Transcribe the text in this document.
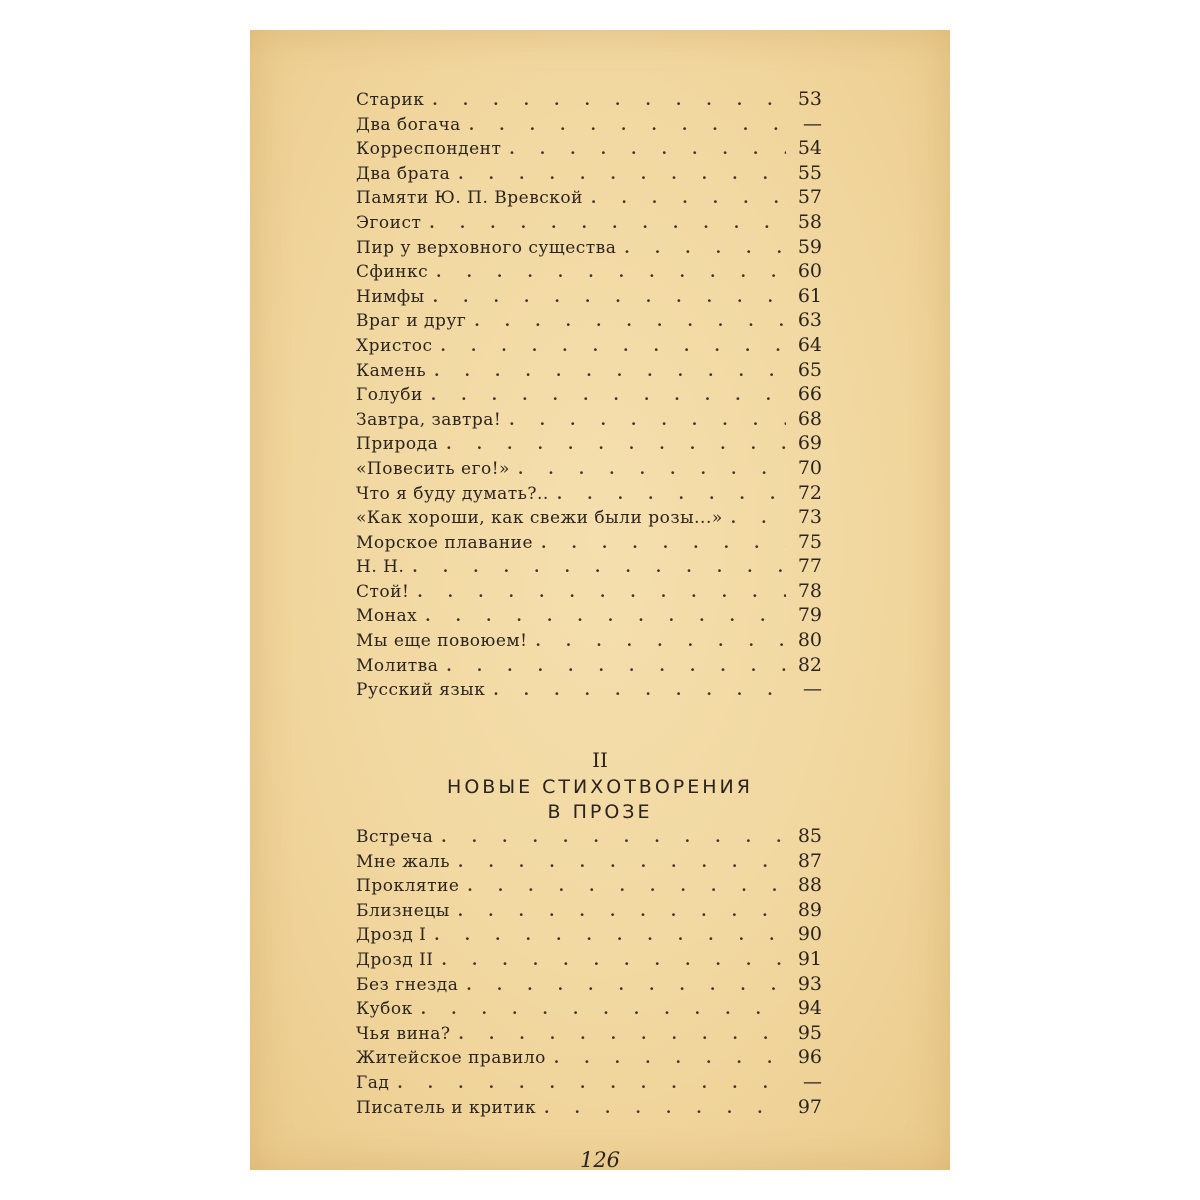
Старик . . .	53
Два богача . . .	—
Корреспондент . . .	54
Два брата . . .	55
Памяти Ю. П. Вревской . . .	57
Эгоист . . .	58
Пир у верховного существа . . .	59
Сфинкс . . .	60
Нимфы . . .	61
Враг и друг . . .	63
Христос . . .	64
Камень . . .	65
Голуби . . .	66
Завтра, завтра! . . .	68
Природа . . .	69
«Повесить его!» . . .	70
Что я буду думать?.. . . .	72
«Как хороши, как свежи были розы...» . . .	73
Морское плавание . . .	75
Н. Н. . . .	77
Стой! . . .	78
Монах . . .	79
Мы еще повоюем! . . .	80
Молитва . . .	82
Русский язык . . .	—
II
НОВЫЕ СТИХОТВОРЕНИЯ
В ПРОЗЕ
Встреча . . .	85
Мне жаль . . .	87
Проклятие . . .	88
Близнецы . . .	89
Дрозд I . . .	90
Дрозд II . . .	91
Без гнезда . . .	93
Кубок . . .	94
Чья вина? . . .	95
Житейское правило . . .	96
Гад . . .	—
Писатель и критик . . .	97
126
